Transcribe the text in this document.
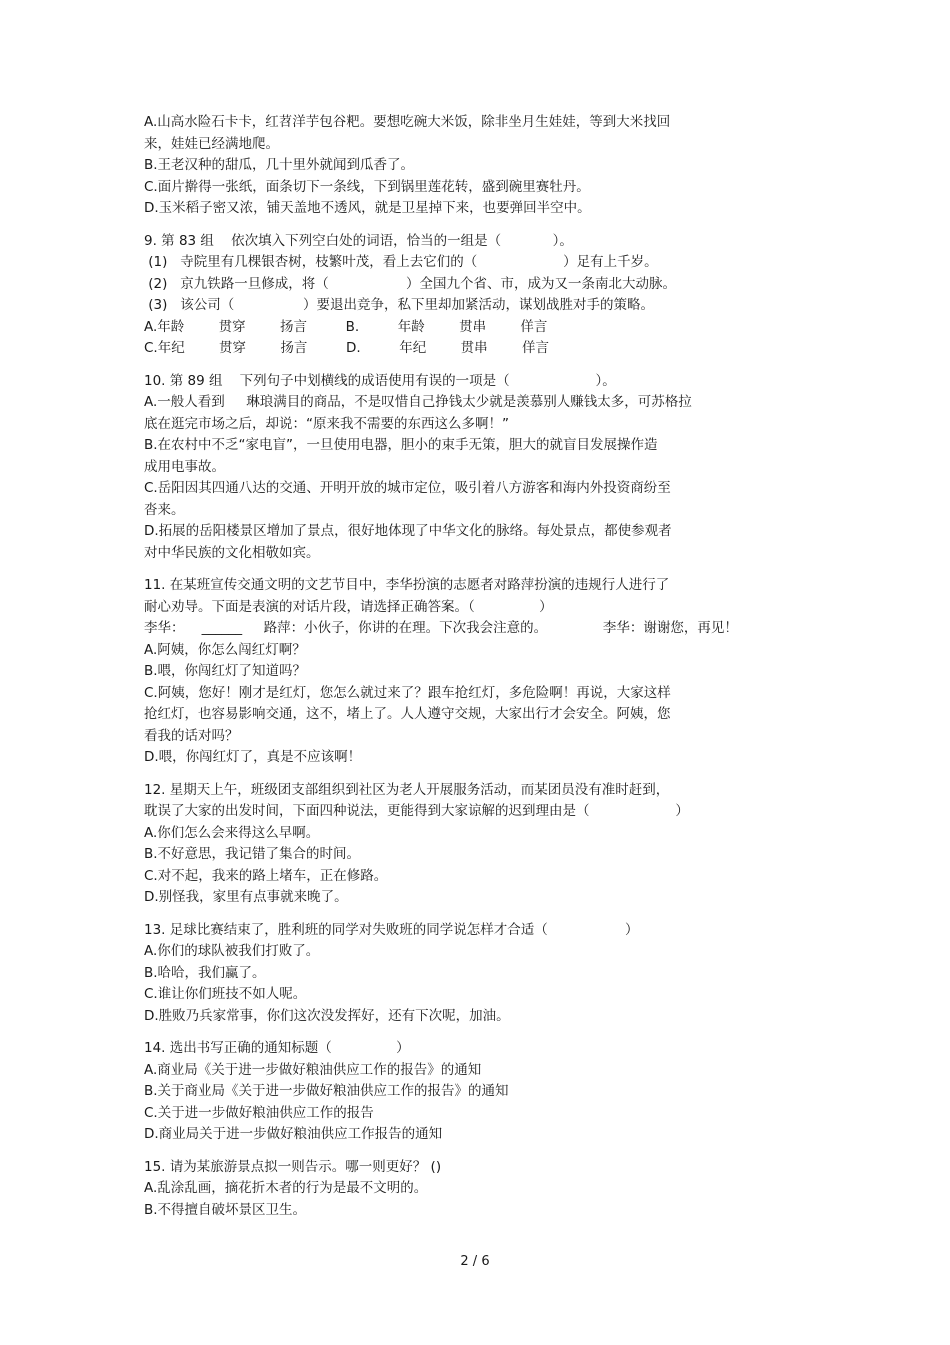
A.山高水险石卡卡，红苕洋芋包谷粑。要想吃碗大米饭，除非坐月生娃娃，等到大米找回
来，娃娃已经满地爬。
B.王老汉种的甜瓜，几十里外就闻到瓜香了。
C.面片擀得一张纸，面条切下一条线，下到锅里莲花转，盛到碗里赛牡丹。
D.玉米稻子密又浓，铺天盖地不透风，就是卫星掉下来，也要弹回半空中。
9. 第 83 组    依次填入下列空白处的词语，恰当的一组是（            ）。
(1)   寺院里有几棵银杏树，枝繁叶茂，看上去它们的（                    ）足有上千岁。
(2)   京九铁路一旦修成，将（                  ）全国九个省、市，成为又一条南北大动脉。
(3)   该公司（                ）要退出竞争，私下里却加紧活动，谋划战胜对手的策略。
A.年龄        贯穿        扬言         B.         年龄        贯串        佯言
C.年纪        贯穿        扬言         D.         年纪        贯串        佯言
10. 第 89 组    下列句子中划横线的成语使用有误的一项是（                    ）。
A.一般人看到     琳琅满目的商品，不是叹惜自己挣钱太少就是羡慕别人赚钱太多，可苏格拉
底在逛完市场之后，却说：“原来我不需要的东西这么多啊！”
B.在农村中不乏“家电盲”，一旦使用电器，胆小的束手无策，胆大的就盲目发展操作造
成用电事故。
C.岳阳因其四通八达的交通、开明开放的城市定位，吸引着八方游客和海内外投资商纷至
沓来。
D.拓展的岳阳楼景区增加了景点，很好地体现了中华文化的脉络。每处景点，都使参观者
对中华民族的文化相敬如宾。
11. 在某班宣传交通文明的文艺节目中，李华扮演的志愿者对路萍扮演的违规行人进行了
耐心劝导。下面是表演的对话片段，请选择正确答案。（               ）
李华：    ______     路萍：小伙子，你讲的在理。下次我会注意的。             李华：谢谢您，再见！
A.阿姨，你怎么闯红灯啊？
B.喂，你闯红灯了知道吗？
C.阿姨，您好！刚才是红灯，您怎么就过来了？跟车抢红灯，多危险啊！再说，大家这样
抢红灯，也容易影响交通，这不，堵上了。人人遵守交规，大家出行才会安全。阿姨，您
看我的话对吗？
D.喂，你闯红灯了，真是不应该啊！
12. 星期天上午，班级团支部组织到社区为老人开展服务活动，而某团员没有准时赶到，
耽误了大家的出发时间，下面四种说法，更能得到大家谅解的迟到理由是（                    ）
A.你们怎么会来得这么早啊。
B.不好意思，我记错了集合的时间。
C.对不起，我来的路上堵车，正在修路。
D.别怪我，家里有点事就来晚了。
13. 足球比赛结束了，胜利班的同学对失败班的同学说怎样才合适（                  ）
A.你们的球队被我们打败了。
B.哈哈，我们赢了。
C.谁让你们班技不如人呢。
D.胜败乃兵家常事，你们这次没发挥好，还有下次呢，加油。
14. 选出书写正确的通知标题（               ）
A.商业局《关于进一步做好粮油供应工作的报告》的通知
B.关于商业局《关于进一步做好粮油供应工作的报告》的通知
C.关于进一步做好粮油供应工作的报告
D.商业局关于进一步做好粮油供应工作报告的通知
15. 请为某旅游景点拟一则告示。哪一则更好？ ()
A.乱涂乱画，摘花折木者的行为是最不文明的。
B.不得擅自破坏景区卫生。
2 / 6
